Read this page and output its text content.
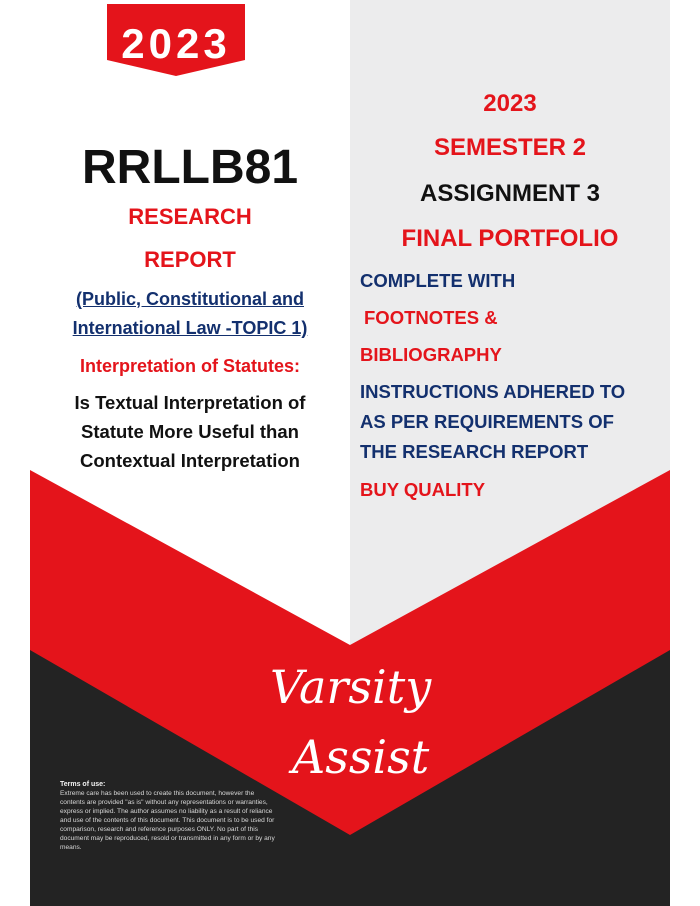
2023
RRLLB81
RESEARCH
REPORT
(Public, Constitutional and
International Law -TOPIC 1)
Interpretation of Statutes:
Is Textual Interpretation of
Statute More Useful than
Contextual Interpretation
2023
SEMESTER 2
ASSIGNMENT 3
FINAL PORTFOLIO
COMPLETE WITH
FOOTNOTES &
BIBLIOGRAPHY
INSTRUCTIONS ADHERED TO
AS PER REQUIREMENTS OF
THE RESEARCH REPORT
BUY QUALITY
Varsity
Assist
Terms of use:
Extreme care has been used to create this document, however the contents are provided "as is" without any representations or warranties, express or implied. The author assumes no liability as a result of reliance and use of the contents of this document. This document is to be used for comparison, research and reference purposes ONLY. No part of this document may be reproduced, resold or transmitted in any form or by any means.
